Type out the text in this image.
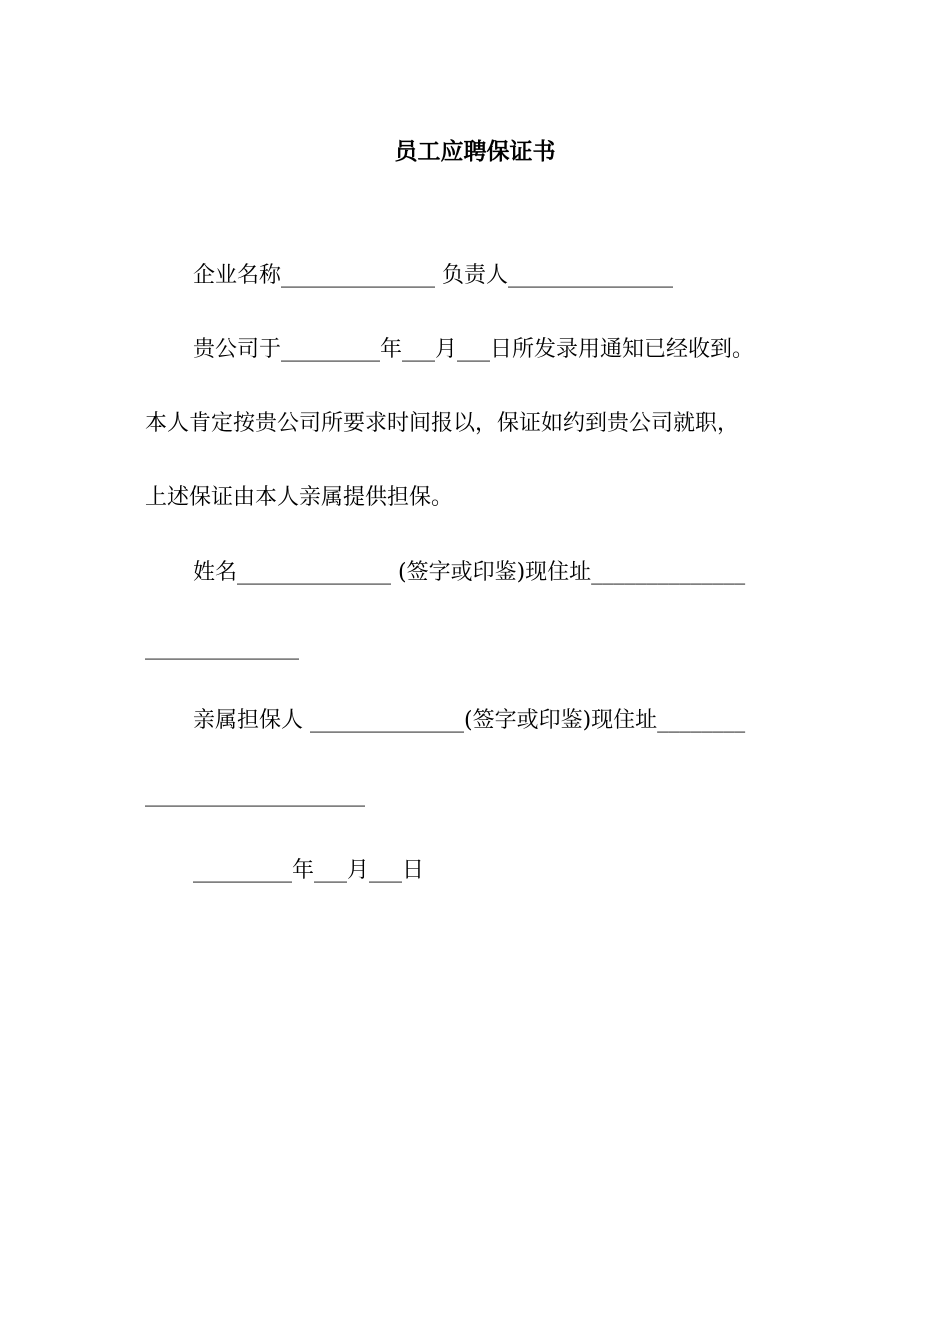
员工应聘保证书
企业名称______________ 负责人_______________
贵公司于_________年___月___日所发录用通知已经收到。
本人肯定按贵公司所要求时间报以，保证如约到贵公司就职，
上述保证由本人亲属提供担保。
姓名______________ (签字或印鉴)现住址______________
______________
亲属担保人 ______________(签字或印鉴)现住址________
____________________
_________年___月___日
